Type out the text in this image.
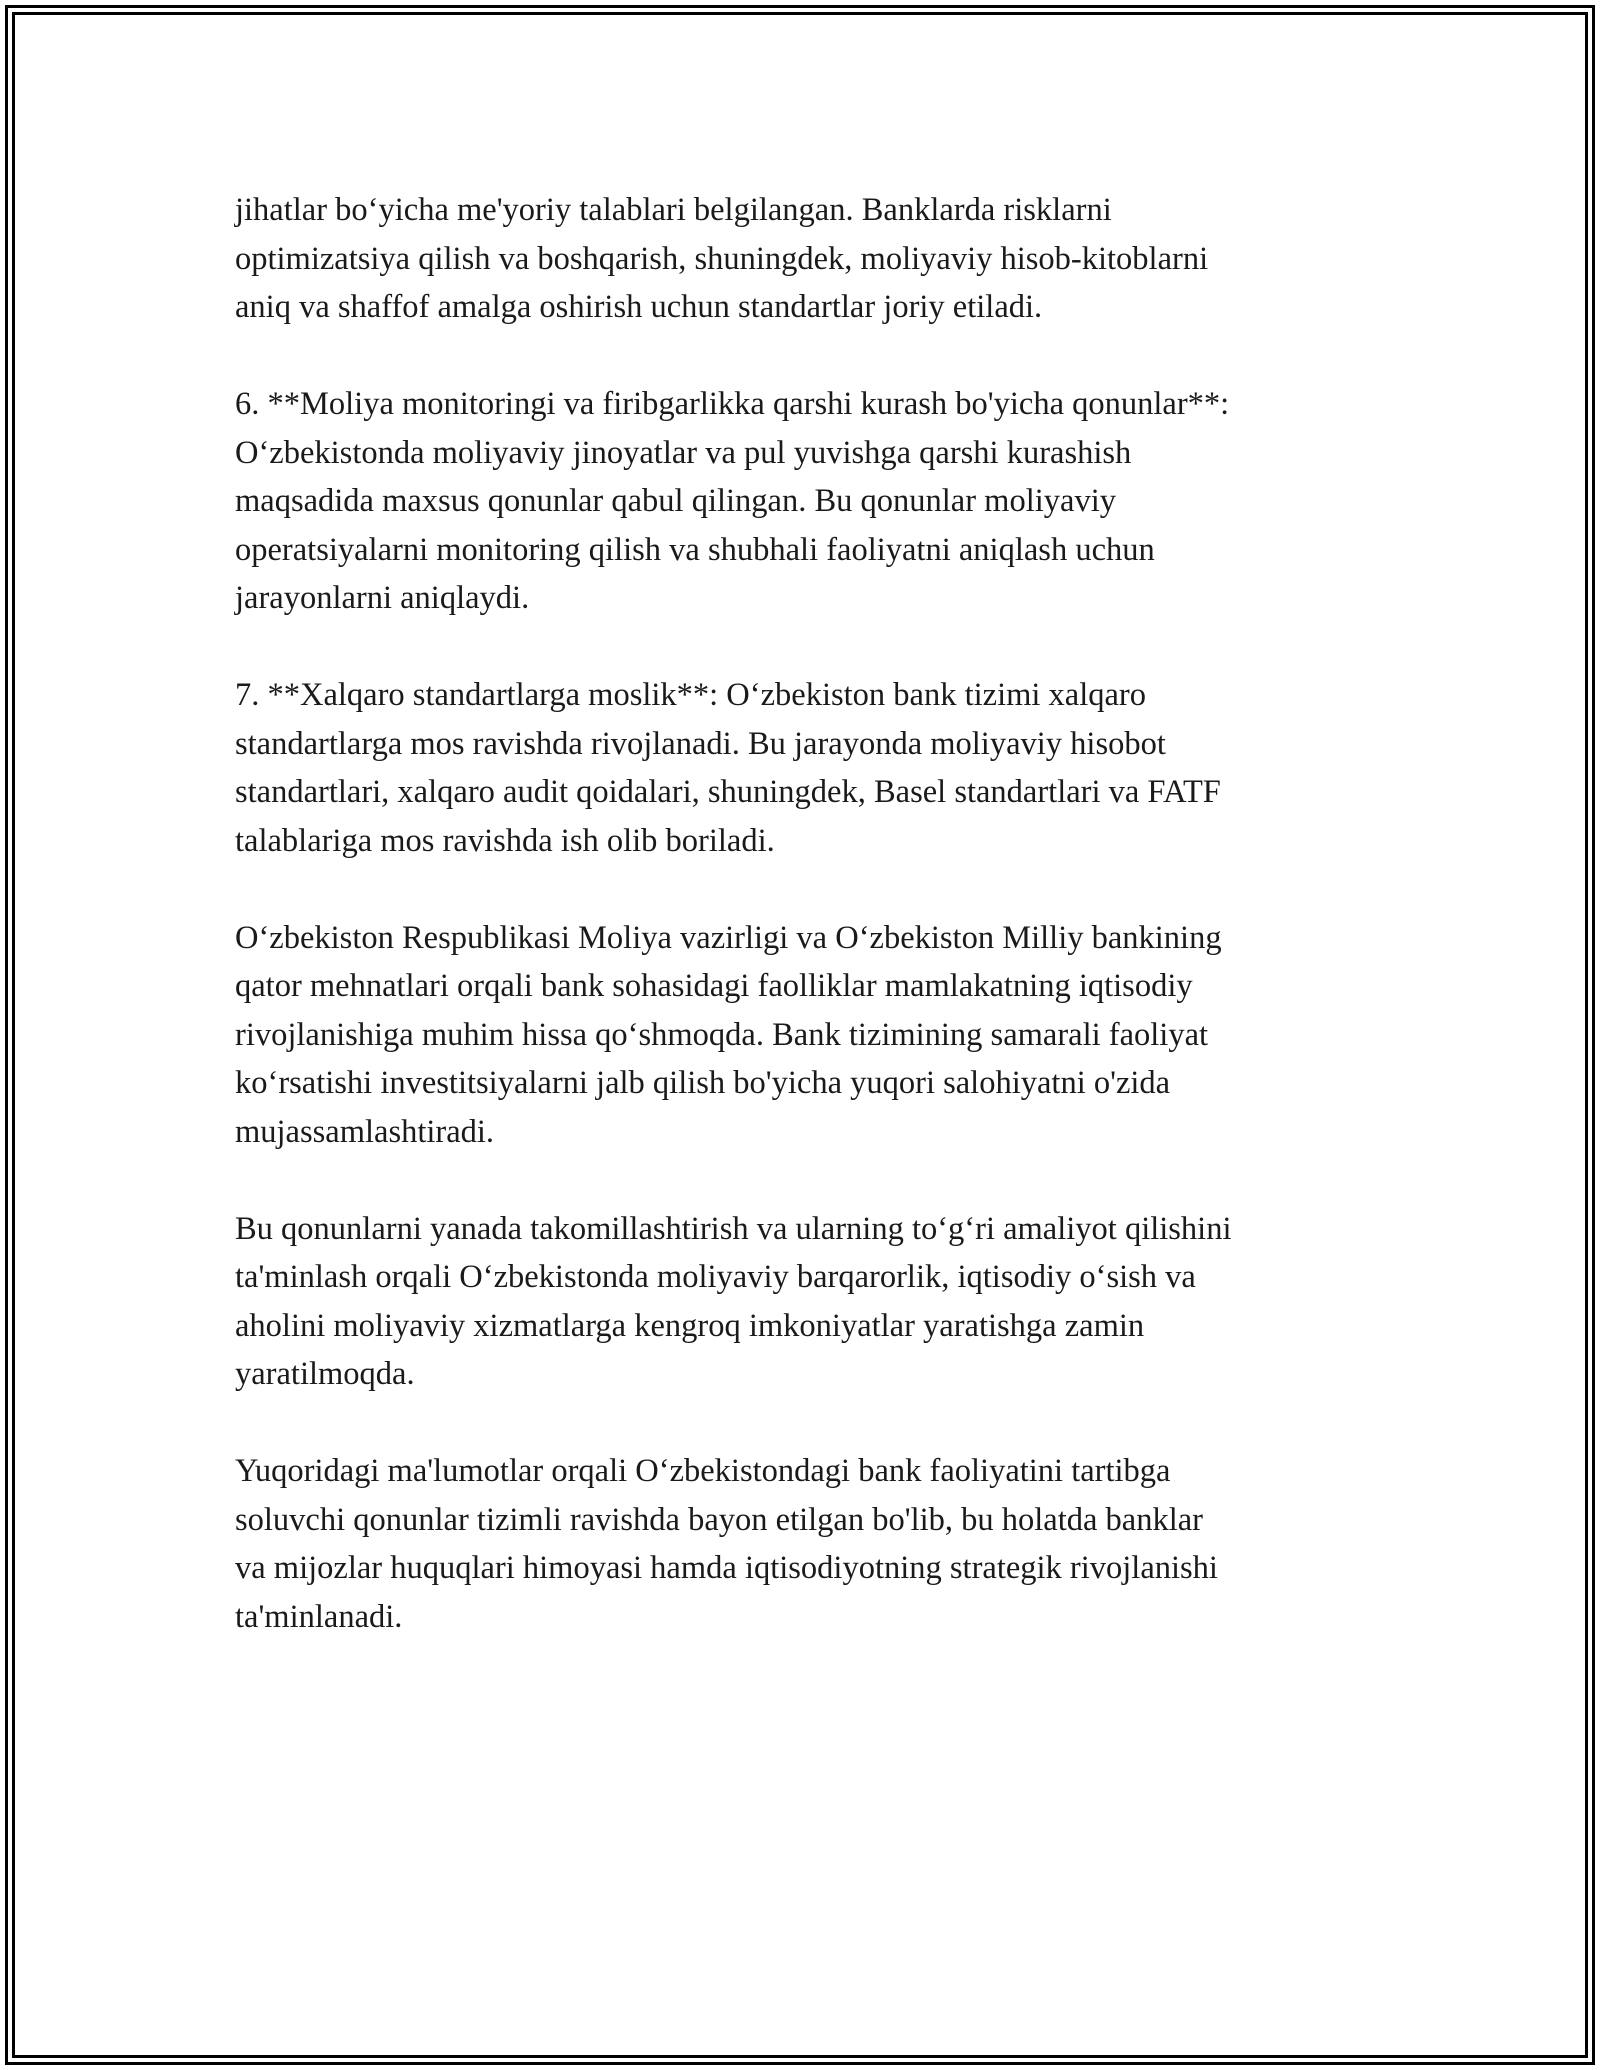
jihatlar boʻyicha me'yoriy talablari belgilangan. Banklarda risklarni
optimizatsiya qilish va boshqarish, shuningdek, moliyaviy hisob-kitoblarni
aniq va shaffof amalga oshirish uchun standartlar joriy etiladi.

6. **Moliya monitoringi va firibgarlikka qarshi kurash bo'yicha qonunlar**:
Oʻzbekistonda moliyaviy jinoyatlar va pul yuvishga qarshi kurashish
maqsadida maxsus qonunlar qabul qilingan. Bu qonunlar moliyaviy
operatsiyalarni monitoring qilish va shubhali faoliyatni aniqlash uchun
jarayonlarni aniqlaydi.

7. **Xalqaro standartlarga moslik**: Oʻzbekiston bank tizimi xalqaro
standartlarga mos ravishda rivojlanadi. Bu jarayonda moliyaviy hisobot
standartlari, xalqaro audit qoidalari, shuningdek, Basel standartlari va FATF
talablariga mos ravishda ish olib boriladi.

Oʻzbekiston Respublikasi Moliya vazirligi va Oʻzbekiston Milliy bankining
qator mehnatlari orqali bank sohasidagi faolliklar mamlakatning iqtisodiy
rivojlanishiga muhim hissa qoʻshmoqda. Bank tizimining samarali faoliyat
koʻrsatishi investitsiyalarni jalb qilish bo'yicha yuqori salohiyatni o'zida
mujassamlashtiradi.

Bu qonunlarni yanada takomillashtirish va ularning toʻgʻri amaliyot qilishini
ta'minlash orqali Oʻzbekistonda moliyaviy barqarorlik, iqtisodiy oʻsish va
aholini moliyaviy xizmatlarga kengroq imkoniyatlar yaratishga zamin
yaratilmoqda.

Yuqoridagi ma'lumotlar orqali Oʻzbekistondagi bank faoliyatini tartibga
soluvchi qonunlar tizimli ravishda bayon etilgan bo'lib, bu holatda banklar
va mijozlar huquqlari himoyasi hamda iqtisodiyotning strategik rivojlanishi
ta'minlanadi.
